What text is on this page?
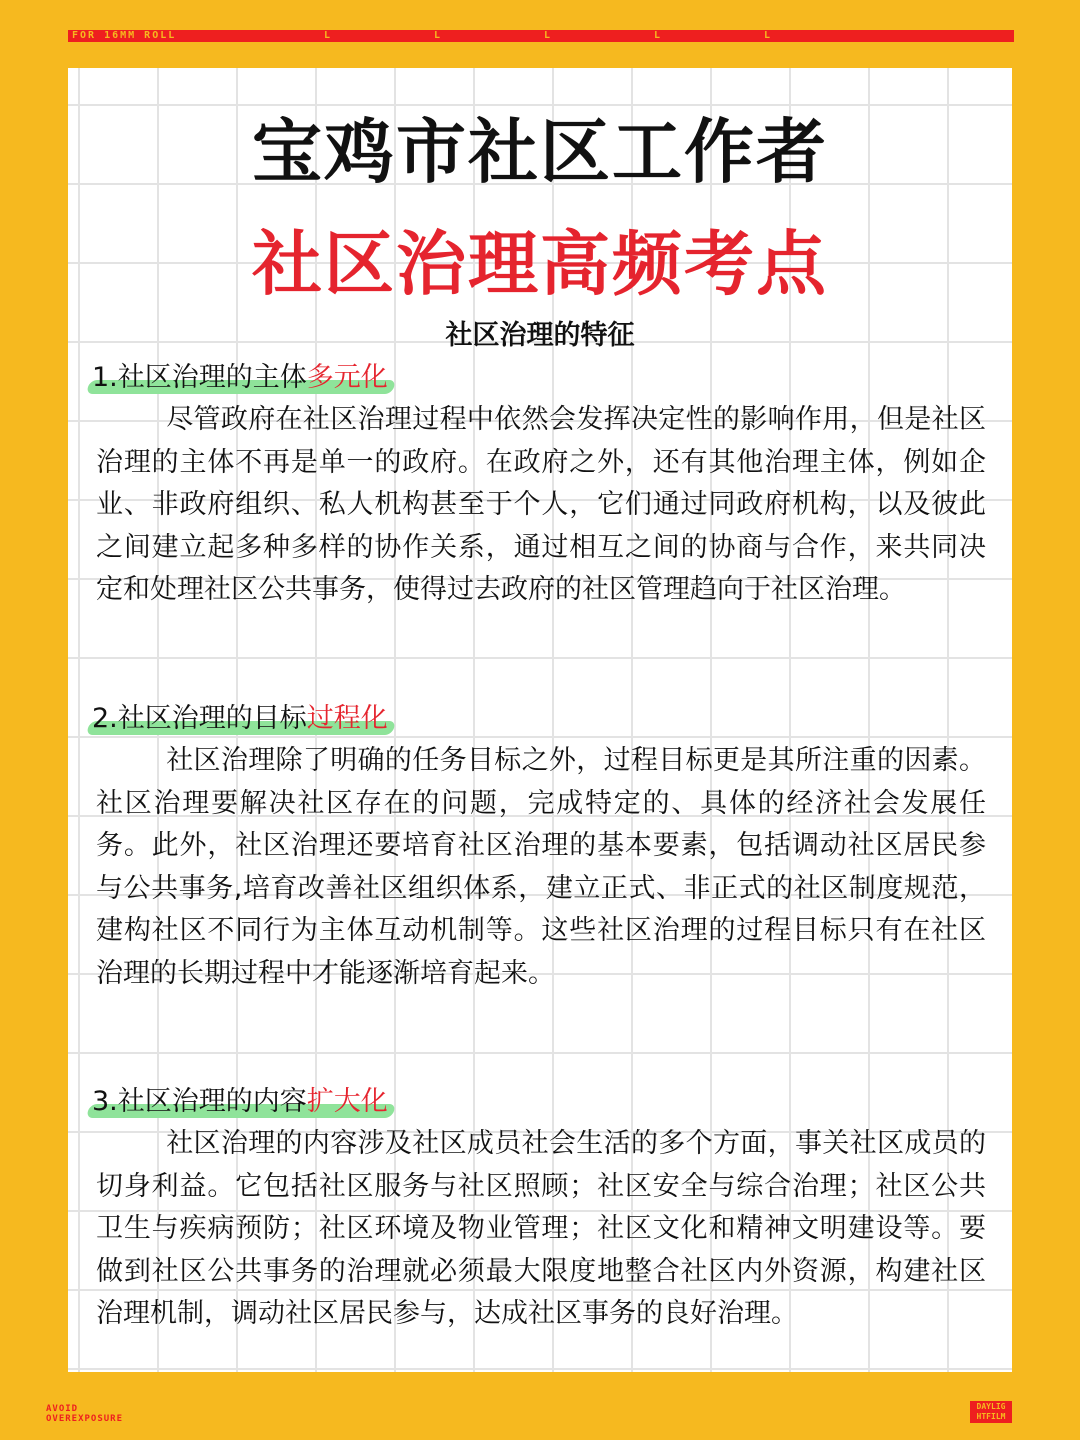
FOR 16MM ROLL	L	L	L	L	L
宝鸡市社区工作者
社区治理高频考点
社区治理的特征
1.社区治理的主体多元化
尽管政府在社区治理过程中依然会发挥决定性的影响作用，但是社区治理的主体不再是单一的政府。在政府之外，还有其他治理主体，例如企业、非政府组织、私人机构甚至于个人，它们通过同政府机构，以及彼此之间建立起多种多样的协作关系，通过相互之间的协商与合作，来共同决定和处理社区公共事务，使得过去政府的社区管理趋向于社区治理。
2.社区治理的目标过程化
社区治理除了明确的任务目标之外，过程目标更是其所注重的因素。社区治理要解决社区存在的问题，完成特定的、具体的经济社会发展任务。此外，社区治理还要培育社区治理的基本要素，包括调动社区居民参与公共事务,培育改善社区组织体系，建立正式、非正式的社区制度规范，建构社区不同行为主体互动机制等。这些社区治理的过程目标只有在社区治理的长期过程中才能逐渐培育起来。
3.社区治理的内容扩大化
社区治理的内容涉及社区成员社会生活的多个方面，事关社区成员的切身利益。它包括社区服务与社区照顾；社区安全与综合治理；社区公共卫生与疾病预防；社区环境及物业管理；社区文化和精神文明建设等。要做到社区公共事务的治理就必须最大限度地整合社区内外资源，构建社区治理机制，调动社区居民参与，达成社区事务的良好治理。
AVOID
OVEREXPOSURE
DAYLIG
HTFILM
